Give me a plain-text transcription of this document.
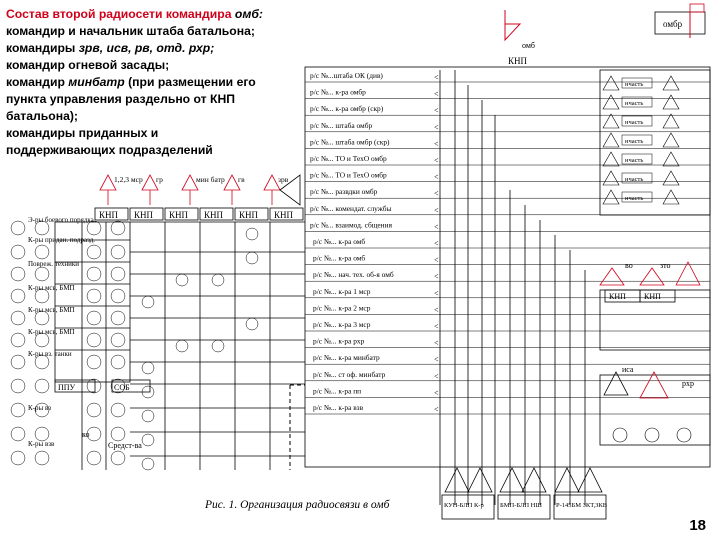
Состав второй радиосети командира омб:
командир и начальник штаба батальона;
командиры зрв, исв, рв, отд. рхр;
командир огневой засады;
командир минбатр (при размещении его
пункта управления раздельно от КНП
батальона);
командиры приданных и
поддерживающих подразделений
омб
омбр
КНП
р/с №...штаба ОК (див)	<
р/с №... к-ра омбр	<
р/с №... к-ра омбр (скр)	<
р/с №... штаба омбр	<
р/с №... штаба омбр (скр)	<
р/с №... ТО и ТехО омбр	<
р/с №... ТО и ТехО омбр	<
р/с №... развдки омбр	<
р/с №... комендат. службы	<
р/с №... взаимод. сбщения	<
р/с №... к-ра омб	<
р/с №... к-ра омб	<
р/с №... нач. тех. об-я омб	<
р/с №... к-ра 1 мср	<
р/с №... к-ра 2 мср	<
р/с №... к-ра 3 мср	<
р/с №... к-ра рхр	<
р/с №... к-ра минбатр	<
р/с №... ст оф. минбатр	<
р/с №... к-ра пп	<
р/с №... к-ра взв	<
нчасть
нчасть
нчасть
нчасть
нчасть
нчасть
нчасть
КНП КНП
во	зто
иса
рхр
КУН-БЛП К-р	БМП-БЛП НШ Р-145БМ ЗКТ,ЗКВ
1,2,3 мср гр	мин батр гв	зрв
КНП КНП КНП КНП КНП КНП
Э-ры боевого порядка
К-ры придан. подразд.
Повреж. техники
К-ры мсв, БМП
К-ры мсв, БМП
К-ры мсв, БМП
К-ры вз. танки
К-ры вз
К-ры взв
ППУ	СОБ
ко
Средст-ва
Рис. 1. Организация радиосвязи в омб
18
